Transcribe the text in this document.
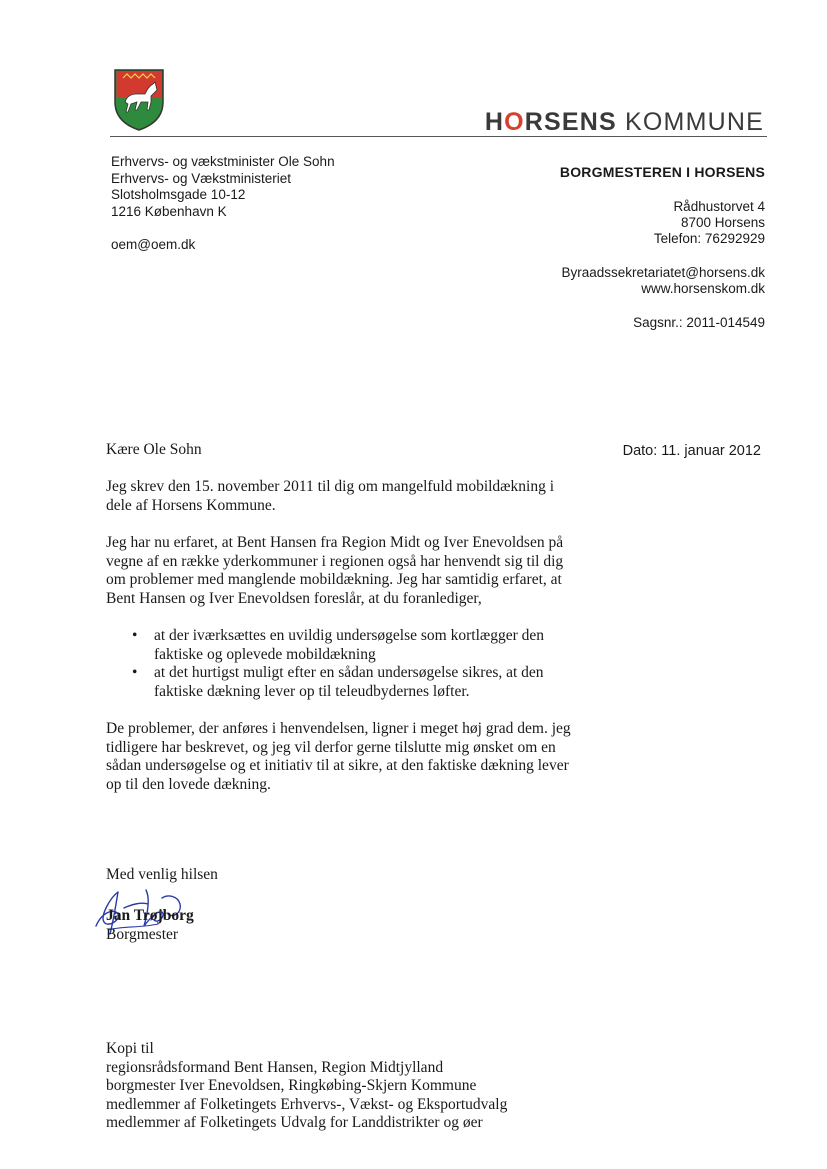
HORSENS KOMMUNE
Erhvervs- og vækstminister Ole Sohn
Erhvervs- og Vækstministeriet
Slotsholmsgade 10-12
1216 København K
oem@oem.dk
BORGMESTEREN I HORSENS
Rådhustorvet 4
8700 Horsens
Telefon: 76292929
Byraadssekretariatet@horsens.dk
www.horsenskom.dk
Sagsnr.: 2011-014549
Dato: 11. januar 2012

Kære Ole Sohn

Jeg skrev den 15. november 2011 til dig om mangelfuld mobildækning i dele af Horsens Kommune.

Jeg har nu erfaret, at Bent Hansen fra Region Midt og Iver Enevoldsen på vegne af en række yderkommuner i regionen også har henvendt sig til dig om problemer med manglende mobildækning. Jeg har samtidig erfaret, at Bent Hansen og Iver Enevoldsen foreslår, at du foranlediger,

• at der iværksættes en uvildig undersøgelse som kortlægger den faktiske og oplevede mobildækning
• at det hurtigst muligt efter en sådan undersøgelse sikres, at den faktiske dækning lever op til teleudbydernes løfter.

De problemer, der anføres i henvendelsen, ligner i meget høj grad dem. jeg tidligere har beskrevet, og jeg vil derfor gerne tilslutte mig ønsket om en sådan undersøgelse og et initiativ til at sikre, at den faktiske dækning lever op til den lovede dækning.

Med venlig hilsen
Jan Trøjborg
Borgmester
Kopi til
regionsrådsformand Bent Hansen, Region Midtjylland
borgmester Iver Enevoldsen, Ringkøbing-Skjern Kommune
medlemmer af Folketingets Erhvervs-, Vækst- og Eksportudvalg
medlemmer af Folketingets Udvalg for Landdistrikter og øer
